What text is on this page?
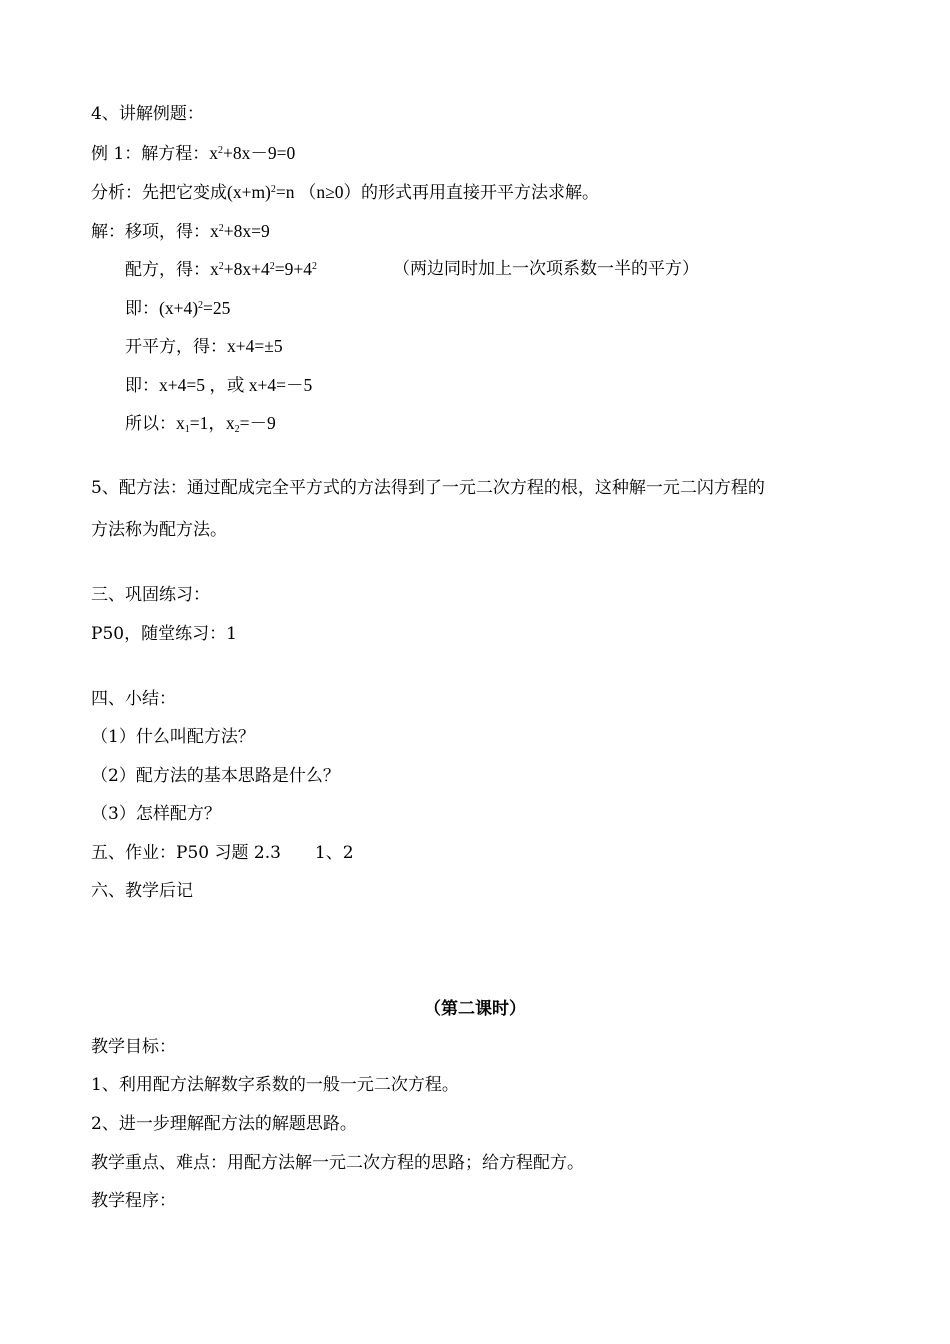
4、讲解例题：
例 1：解方程：$x^2+8x-9=0$
分析：先把它变成$(x+m)^2=n$ （n≥0）的形式再用直接开平方法求解。
解：移项，得：$x^2+8x=9$
配方，得：$x^2+8x+4^2=9+4^2$	（两边同时加上一次项系数一半的平方）
即：$(x+4)^2=25$
开平方，得：x+4=±5
即：x+4=5 ，或 x+4=－5
所以：$x_1=1$，$x_2=-9$
5、配方法：通过配成完全平方式的方法得到了一元二次方程的根，这种解一元二闪方程的
方法称为配方法。
三、巩固练习：
P50，随堂练习：1
四、小结：
（1）什么叫配方法？
（2）配方法的基本思路是什么？
（3）怎样配方？
五、作业：P50 习题 2.3　　1、2
六、教学后记
（第二课时）
教学目标：
1、利用配方法解数字系数的一般一元二次方程。
2、进一步理解配方法的解题思路。
教学重点、难点：用配方法解一元二次方程的思路；给方程配方。
教学程序：
